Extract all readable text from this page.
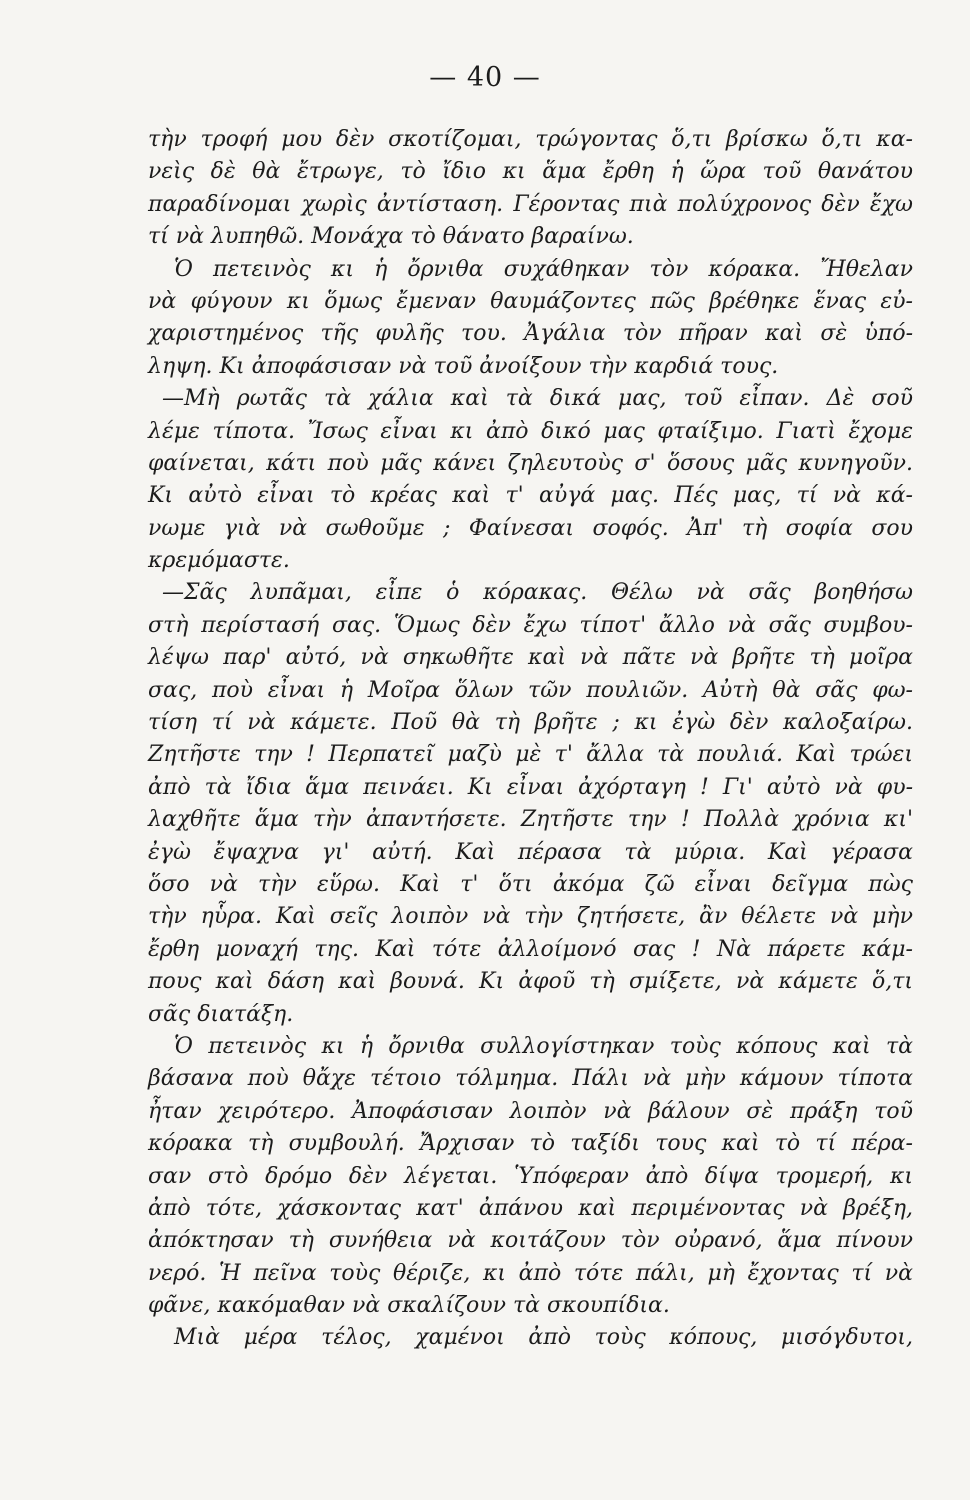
— 40 —
τὴν τροφή μου δὲν σκοτίζομαι, τρώγοντας ὅ,τι βρίσκω ὅ,τι κα-
νεὶς δὲ θὰ ἔτρωγε, τὸ ἴδιο κι ἅμα ἔρθη ἡ ὥρα τοῦ θανάτου
παραδίνομαι χωρὶς ἀντίσταση. Γέροντας πιὰ πολύχρονος δὲν ἔχω
τί νὰ λυπηθῶ. Μονάχα τὸ θάνατο βαραίνω.
Ὁ πετεινὸς κι ἡ ὄρνιθα συχάθηκαν τὸν κόρακα. Ἤθελαν
νὰ φύγουν κι ὅμως ἔμεναν θαυμάζοντες πῶς βρέθηκε ἕνας εὐ-
χαριστημένος τῆς φυλῆς του. Ἀγάλια τὸν πῆραν καὶ σὲ ὑπό-
ληψη. Κι ἀποφάσισαν νὰ τοῦ ἀνοίξουν τὴν καρδιά τους.
—Μὴ ρωτᾶς τὰ χάλια καὶ τὰ δικά μας, τοῦ εἶπαν. Δὲ σοῦ
λέμε τίποτα. Ἴσως εἶναι κι ἀπὸ δικό μας φταίξιμο. Γιατὶ ἔχομε
φαίνεται, κάτι ποὺ μᾶς κάνει ζηλευτοὺς σ' ὅσους μᾶς κυνηγοῦν.
Κι αὐτὸ εἶναι τὸ κρέας καὶ τ' αὐγά μας. Πές μας, τί νὰ κά-
νωμε γιὰ νὰ σωθοῦμε ; Φαίνεσαι σοφός. Ἀπ' τὴ σοφία σου
κρεμόμαστε.
—Σᾶς λυπᾶμαι, εἶπε ὁ κόρακας. Θέλω νὰ σᾶς βοηθήσω
στὴ περίστασή σας. Ὅμως δὲν ἔχω τίποτ' ἄλλο νὰ σᾶς συμβου-
λέψω παρ' αὐτό, νὰ σηκωθῆτε καὶ νὰ πᾶτε νὰ βρῆτε τὴ μοῖρα
σας, ποὺ εἶναι ἡ Μοῖρα ὅλων τῶν πουλιῶν. Αὐτὴ θὰ σᾶς φω-
τίση τί νὰ κάμετε. Ποῦ θὰ τὴ βρῆτε ; κι ἐγὼ δὲν καλοξαίρω.
Ζητῆστε την ! Περπατεῖ μαζὺ μὲ τ' ἄλλα τὰ πουλιά. Καὶ τρώει
ἀπὸ τὰ ἴδια ἅμα πεινάει. Κι εἶναι ἀχόρταγη ! Γι' αὐτὸ νὰ φυ-
λαχθῆτε ἅμα τὴν ἀπαντήσετε. Ζητῆστε την ! Πολλὰ χρόνια κι'
ἐγὼ ἔψαχνα γι' αὐτή. Καὶ πέρασα τὰ μύρια. Καὶ γέρασα
ὅσο νὰ τὴν εὕρω. Καὶ τ' ὅτι ἀκόμα ζῶ εἶναι δεῖγμα πὼς
τὴν ηὗρα. Καὶ σεῖς λοιπὸν νὰ τὴν ζητήσετε, ἂν θέλετε νὰ μὴν
ἔρθη μοναχή της. Καὶ τότε ἀλλοίμονό σας ! Νὰ πάρετε κάμ-
πους καὶ δάση καὶ βουνά. Κι ἀφοῦ τὴ σμίξετε, νὰ κάμετε ὅ,τι
σᾶς διατάξη.
Ὁ πετεινὸς κι ἡ ὄρνιθα συλλογίστηκαν τοὺς κόπους καὶ τὰ
βάσανα ποὺ θἄχε τέτοιο τόλμημα. Πάλι νὰ μὴν κάμουν τίποτα
ἦταν χειρότερο. Ἀποφάσισαν λοιπὸν νὰ βάλουν σὲ πράξη τοῦ
κόρακα τὴ συμβουλή. Ἄρχισαν τὸ ταξίδι τους καὶ τὸ τί πέρα-
σαν στὸ δρόμο δὲν λέγεται. Ὑπόφεραν ἀπὸ δίψα τρομερή, κι
ἀπὸ τότε, χάσκοντας κατ' ἀπάνου καὶ περιμένοντας νὰ βρέξη,
ἀπόκτησαν τὴ συνήθεια νὰ κοιτάζουν τὸν οὐρανό, ἅμα πίνουν
νερό. Ἡ πεῖνα τοὺς θέριζε, κι ἀπὸ τότε πάλι, μὴ ἔχοντας τί νὰ
φᾶνε, κακόμαθαν νὰ σκαλίζουν τὰ σκουπίδια.
Μιὰ μέρα τέλος, χαμένοι ἀπὸ τοὺς κόπους, μισόγδυτοι,
